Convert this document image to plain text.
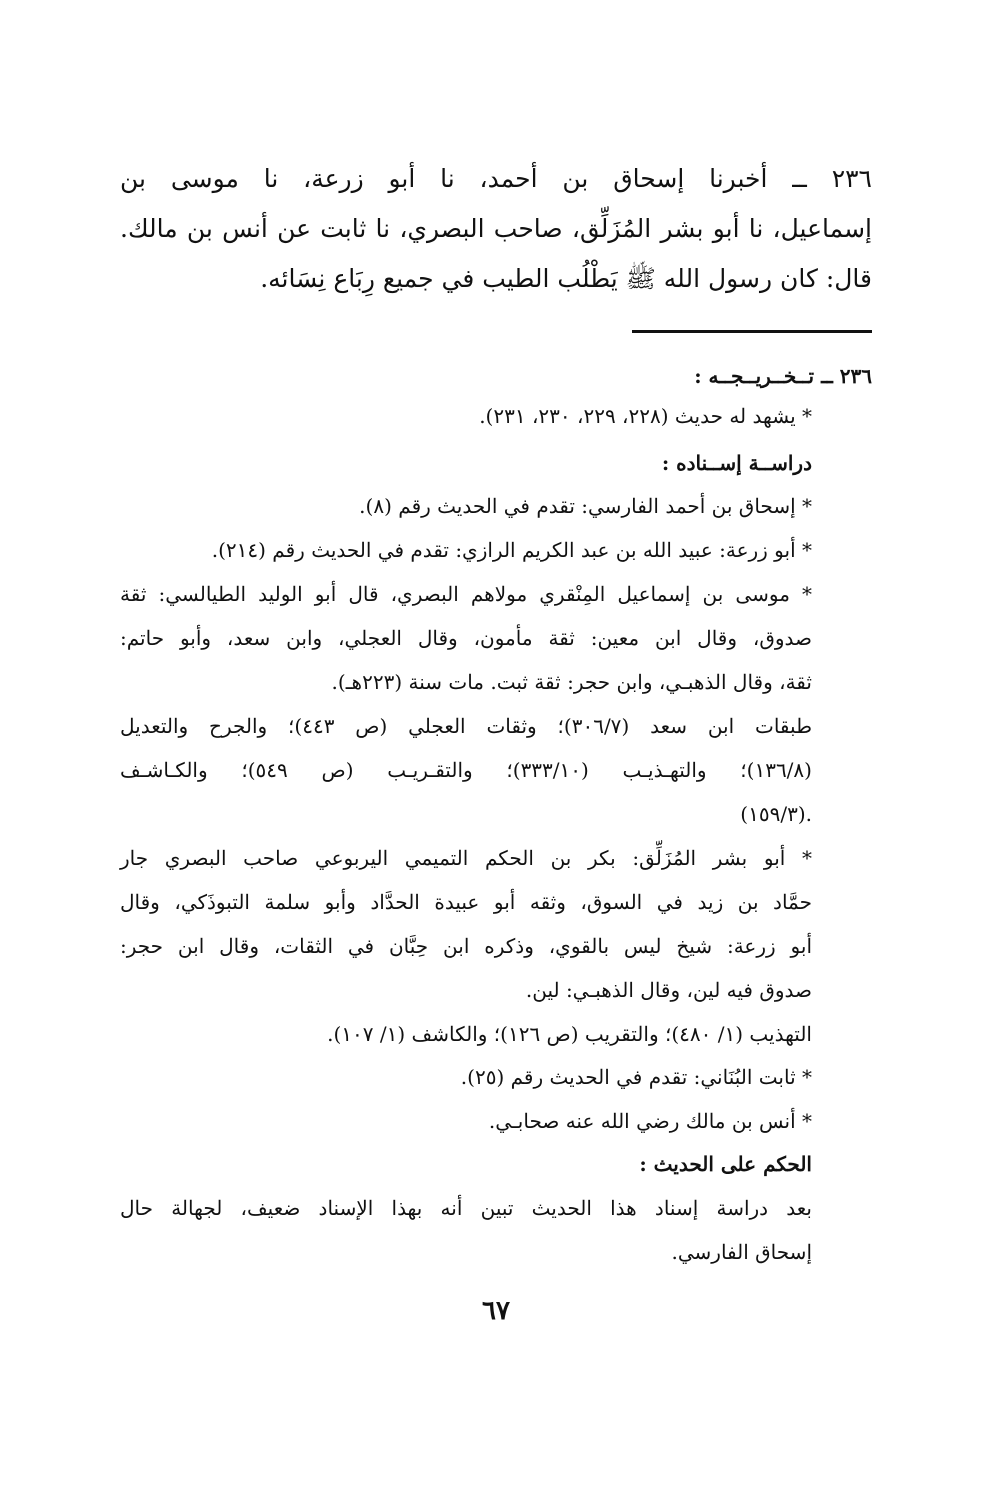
٢٣٦ ــ أخبرنا إسحاق بن أحمد، نا أبو زرعة، نا موسى بن
إسماعيل، نا أبو بشر المُزَلِّق، صاحب البصري، نا ثابت عن أنس بن مالك.
قال: كان رسول الله ﷺ يَطْلُب الطيب في جميع رِبَاع نِسَائه.
٢٣٦ ــ تــخــريــجــه :
* يشهد له حديث (٢٢٨، ٢٢٩، ٢٣٠، ٢٣١).
دراســة إســناده :
* إسحاق بن أحمد الفارسي: تقدم في الحديث رقم (٨).
* أبو زرعة: عبيد الله بن عبد الكريم الرازي: تقدم في الحديث رقم (٢١٤).
* موسى بن إسماعيل المِنْقري مولاهم البصري، قال أبو الوليد الطيالسي: ثقة
صدوق، وقال ابن معين: ثقة مأمون، وقال العجلي، وابن سعد، وأبو حاتم:
ثقة، وقال الذهبـي، وابن حجر: ثقة ثبت. مات سنة (٢٢٣هـ).
طبقات ابن سعد (٣٠٦/٧)؛ وثقات العجلي (ص ٤٤٣)؛ والجرح والتعديل
(١٣٦/٨)؛ والتهـذيـب (٣٣٣/١٠)؛ والتقـريـب (ص ٥٤٩)؛ والكـاشـف
(١٥٩/٣).
* أبو بشر المُزَلِّق: بكر بن الحكم التميمي اليربوعي صاحب البصري جار
حمَّاد بن زيد في السوق، وثقه أبو عبيدة الحدَّاد وأبو سلمة التبوذَكي، وقال
أبو زرعة: شيخ ليس بالقوي، وذكره ابن حِبَّان في الثقات، وقال ابن حجر:
صدوق فيه لين، وقال الذهبـي: لين.
التهذيب (١/ ٤٨٠)؛ والتقريب (ص ١٢٦)؛ والكاشف (١/ ١٠٧).
* ثابت البُنَاني: تقدم في الحديث رقم (٢٥).
* أنس بن مالك رضي الله عنه صحابـي.
الحكم على الحديث :
بعد دراسة إسناد هذا الحديث تبين أنه بهذا الإسناد ضعيف، لجهالة حال
إسحاق الفارسي.
٦٧
